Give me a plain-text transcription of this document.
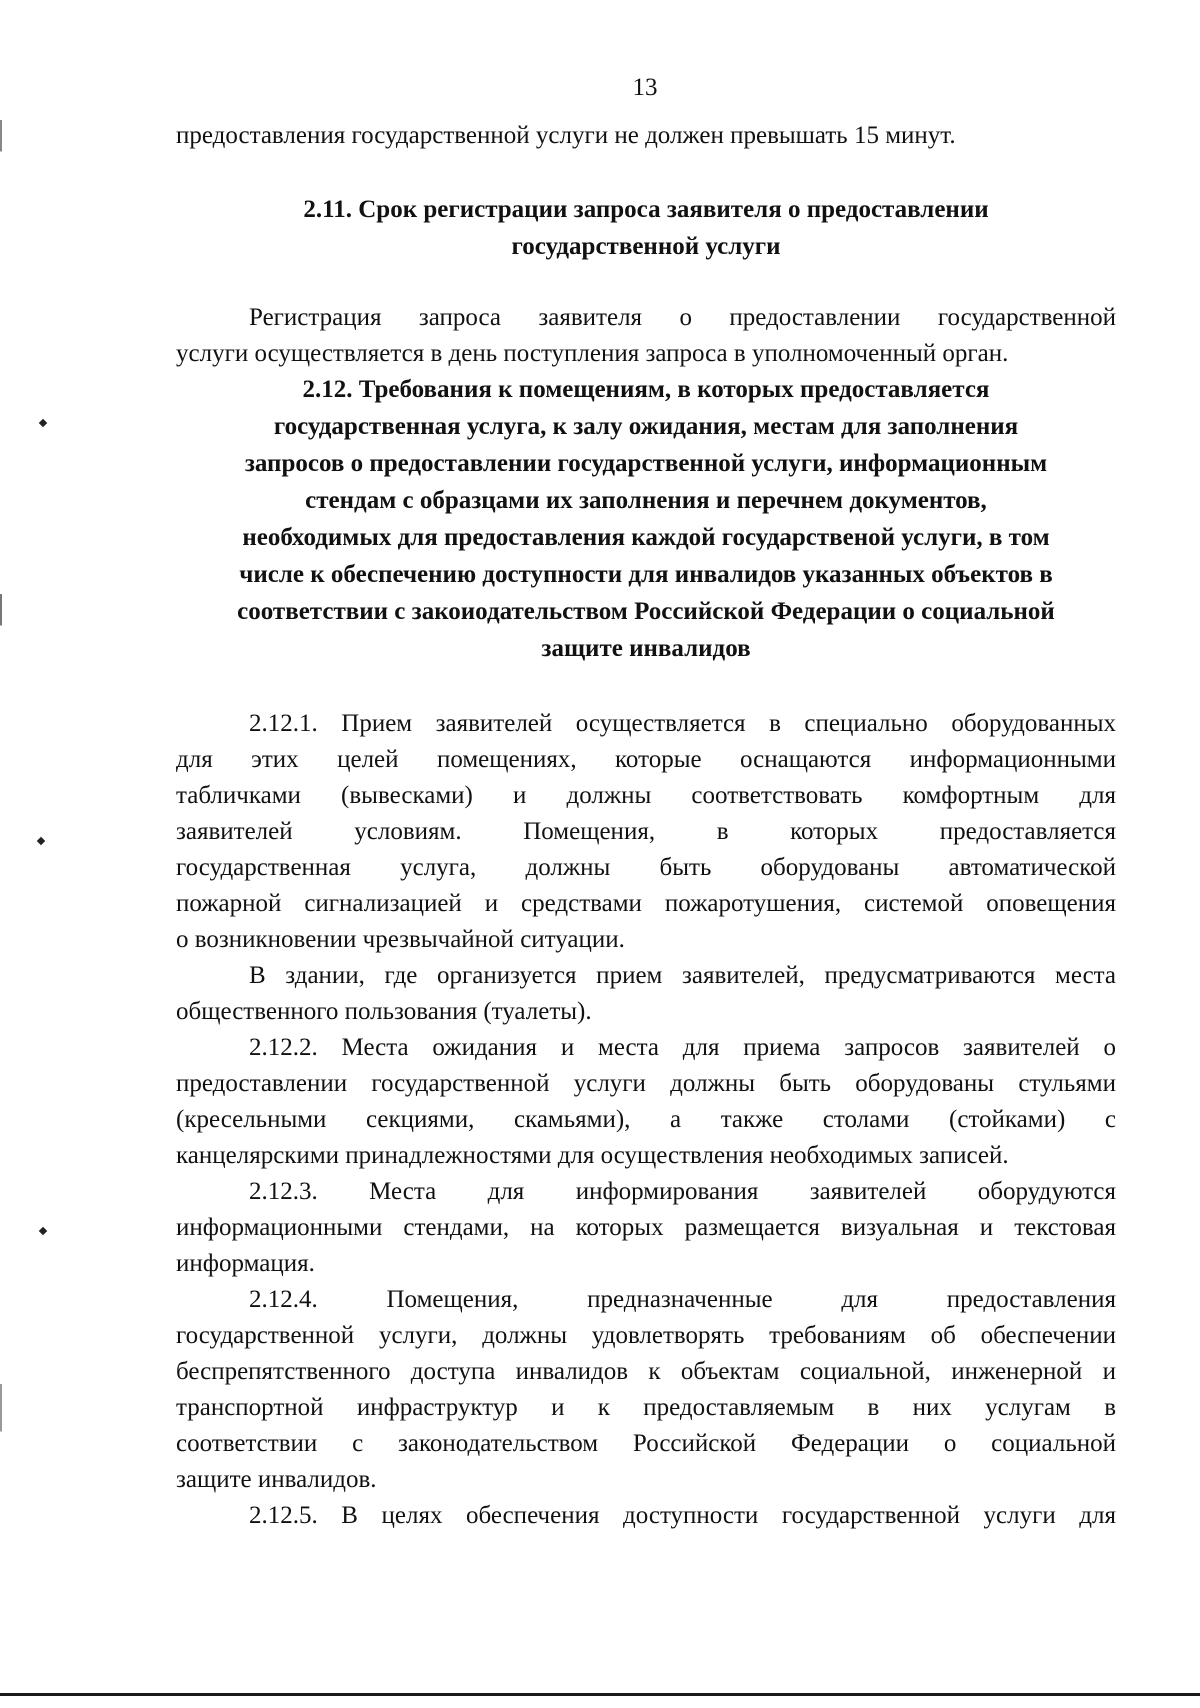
13
предоставления государственной услуги не должен превышать 15 минут.
2.11. Срок регистрации запроса заявителя о предоставлении
государственной услуги
Регистрация запроса заявителя о предоставлении государственной
услуги осуществляется в день поступления запроса в уполномоченный орган.
2.12. Требования к помещениям, в которых предоставляется
государственная услуга, к залу ожидания, местам для заполнения
запросов о предоставлении государственной услуги, информационным
стендам с образцами их заполнения и перечнем документов,
необходимых для предоставления каждой государственой услуги, в том
числе к обеспечению доступности для инвалидов указанных объектов в
соответствии с закоиодательством Российской Федерации о социальной
защите инвалидов
2.12.1. Прием заявителей осуществляется в специально оборудованных
для этих целей помещениях, которые оснащаются информационными
табличками (вывесками) и должны соответствовать комфортным для
заявителей условиям. Помещения, в которых предоставляется
государственная услуга, должны быть оборудованы автоматической
пожарной сигнализацией и средствами пожаротушения, системой оповещения
о возникновении чрезвычайной ситуации.
В здании, где организуется прием заявителей, предусматриваются места
общественного пользования (туалеты).
2.12.2. Места ожидания и места для приема запросов заявителей о
предоставлении государственной услуги должны быть оборудованы стульями
(кресельными секциями, скамьями), а также столами (стойками) с
канцелярскими принадлежностями для осуществления необходимых записей.
2.12.3. Места для информирования заявителей оборудуются
информационными стендами, на которых размещается визуальная и текстовая
информация.
2.12.4. Помещения, предназначенные для предоставления
государственной услуги, должны удовлетворять требованиям об обеспечении
беспрепятственного доступа инвалидов к объектам социальной, инженерной и
транспортной инфраструктур и к предоставляемым в них услугам в
соответствии с законодательством Российской Федерации о социальной
защите инвалидов.
2.12.5. В целях обеспечения доступности государственной услуги для
